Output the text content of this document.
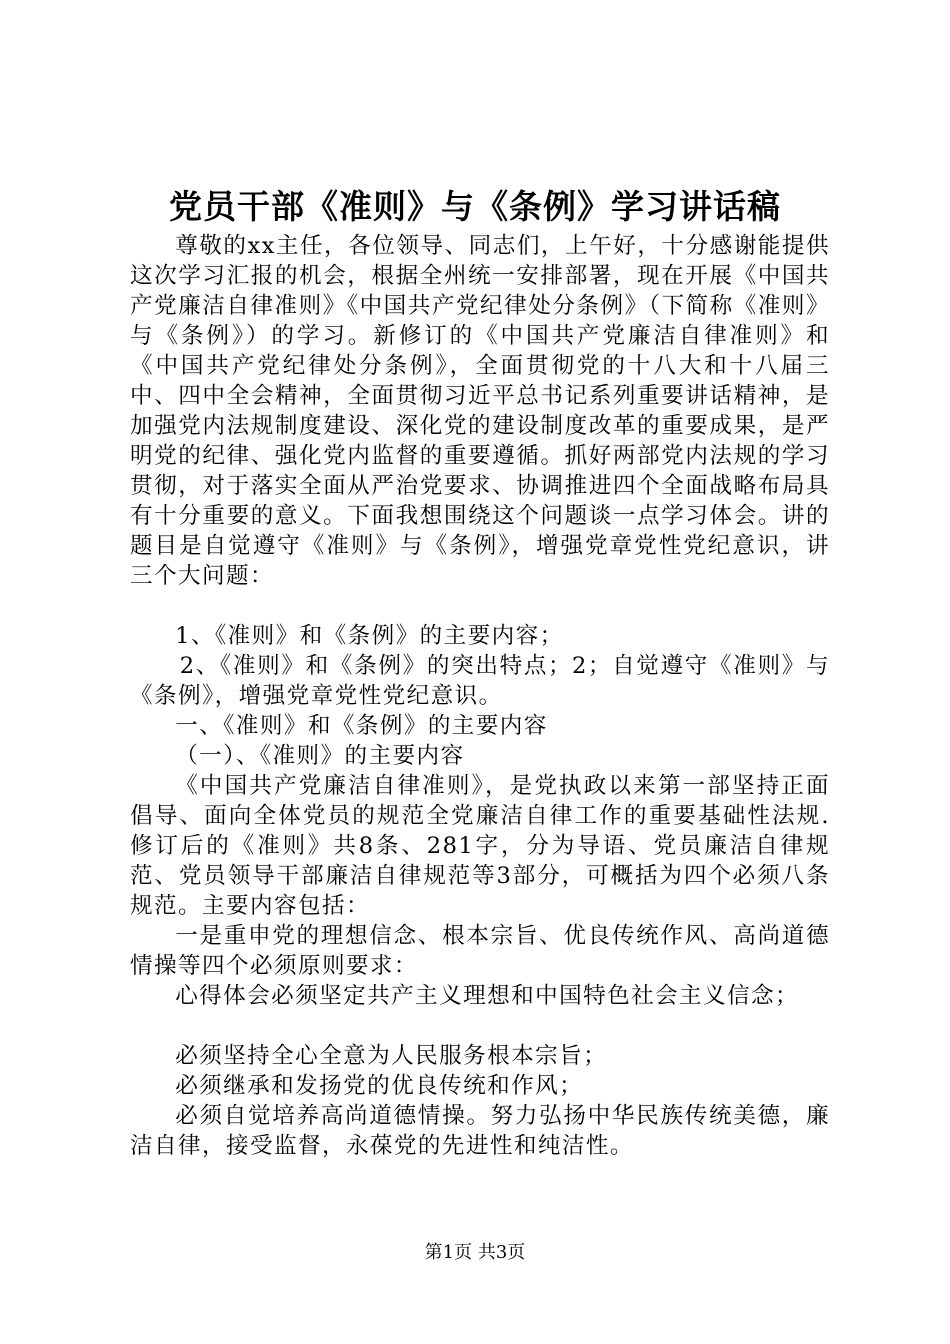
党员干部《准则》与《条例》学习讲话稿

尊敬的xx主任，各位领导、同志们，上午好，十分感谢能提供这次学习汇报的机会，根据全州统一安排部署，现在开展《中国共产党廉洁自律准则》《中国共产党纪律处分条例》（下简称《准则》与《条例》）的学习。新修订的《中国共产党廉洁自律准则》和《中国共产党纪律处分条例》，全面贯彻党的十八大和十八届三中、四中全会精神，全面贯彻习近平总书记系列重要讲话精神，是加强党内法规制度建设、深化党的建设制度改革的重要成果，是严明党的纪律、强化党内监督的重要遵循。抓好两部党内法规的学习贯彻，对于落实全面从严治党要求、协调推进四个全面战略布局具有十分重要的意义。下面我想围绕这个问题谈一点学习体会。讲的题目是自觉遵守《准则》与《条例》，增强党章党性党纪意识，讲三个大问题：

1、《准则》和《条例》的主要内容；

2、《准则》和《条例》的突出特点；2；自觉遵守《准则》与《条例》，增强党章党性党纪意识。

一、《准则》和《条例》的主要内容

（一）、《准则》的主要内容

《中国共产党廉洁自律准则》，是党执政以来第一部坚持正面倡导、面向全体党员的规范全党廉洁自律工作的重要基础性法规.修订后的《准则》共8条、281字，分为导语、党员廉洁自律规范、党员领导干部廉洁自律规范等3部分，可概括为四个必须八条规范。主要内容包括：

一是重申党的理想信念、根本宗旨、优良传统作风、高尚道德情操等四个必须原则要求：

心得体会必须坚定共产主义理想和中国特色社会主义信念；

必须坚持全心全意为人民服务根本宗旨；

必须继承和发扬党的优良传统和作风；

必须自觉培养高尚道德情操。努力弘扬中华民族传统美德，廉洁自律，接受监督，永葆党的先进性和纯洁性。

第1页 共3页
